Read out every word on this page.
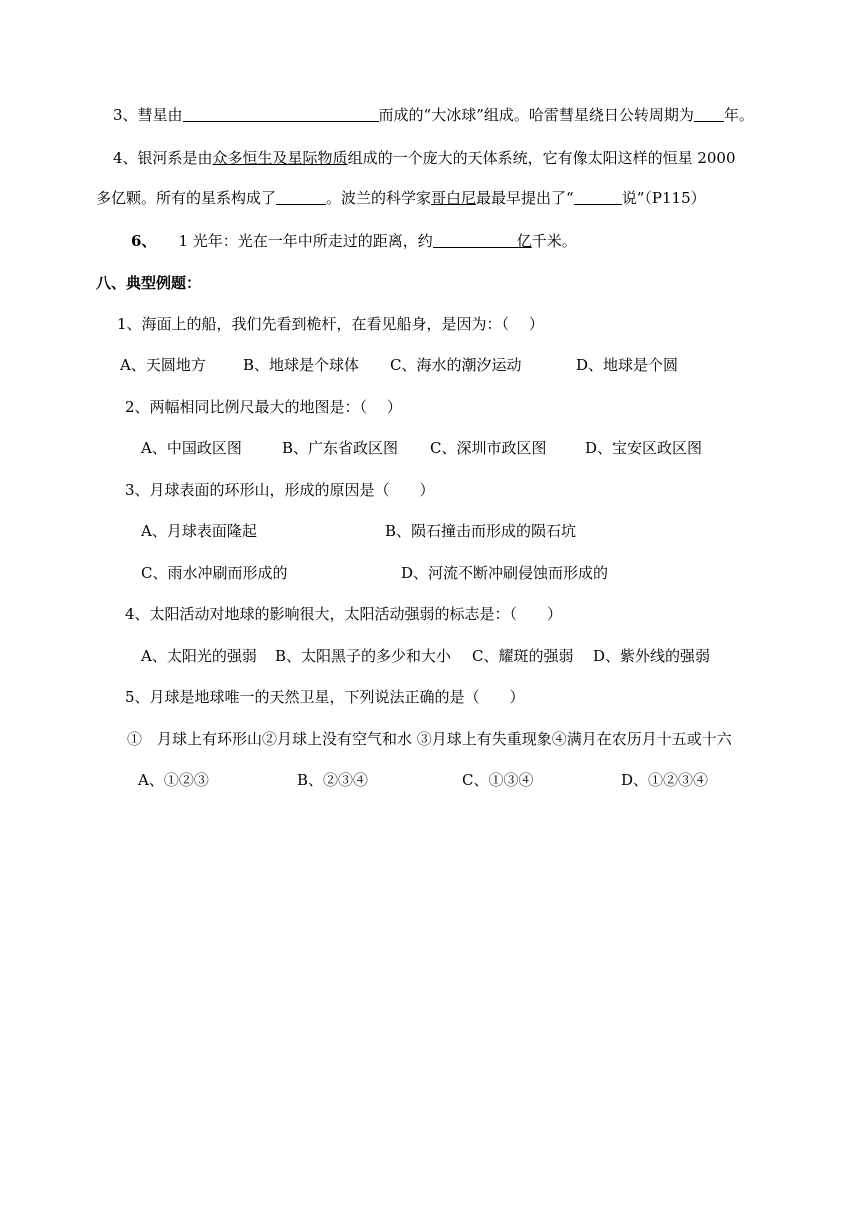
3、彗星由	而成的“大冰球”组成。哈雷彗星绕日公转周期为 年。
4、银河系是由众多恒生及星际物质组成的一个庞大的天体系统，它有像太阳这样的恒星 2000
多亿颗。所有的星系构成了	。波兰的科学家哥白尼最最早提出了“	说”（P115）
6、 1 光年：光在一年中所走过的距离，约	亿千米。
八、典型例题：
1、海面上的船，我们先看到桅杆，在看见船身，是因为：（　 ）
A、天圆地方 B、地球是个球体 C、海水的潮汐运动	D、地球是个圆
2、两幅相同比例尺最大的地图是：（　 ）
A、中国政区图	B、广东省政区图 C、深圳市政区图	D、宝安区政区图
3、月球表面的环形山，形成的原因是（　　）
A、月球表面隆起	B、陨石撞击而形成的陨石坑
C、雨水冲刷而形成的	D、河流不断冲刷侵蚀而形成的
4、太阳活动对地球的影响很大，太阳活动强弱的标志是：（　　）
A、太阳光的强弱 B、太阳黑子的多少和大小 C、耀斑的强弱 D、紫外线的强弱
5、月球是地球唯一的天然卫星，下列说法正确的是（　　）
①　月球上有环形山②月球上没有空气和水 ③月球上有失重现象④满月在农历月十五或十六
A、①②③	B、②③④	C、①③④	D、①②③④
